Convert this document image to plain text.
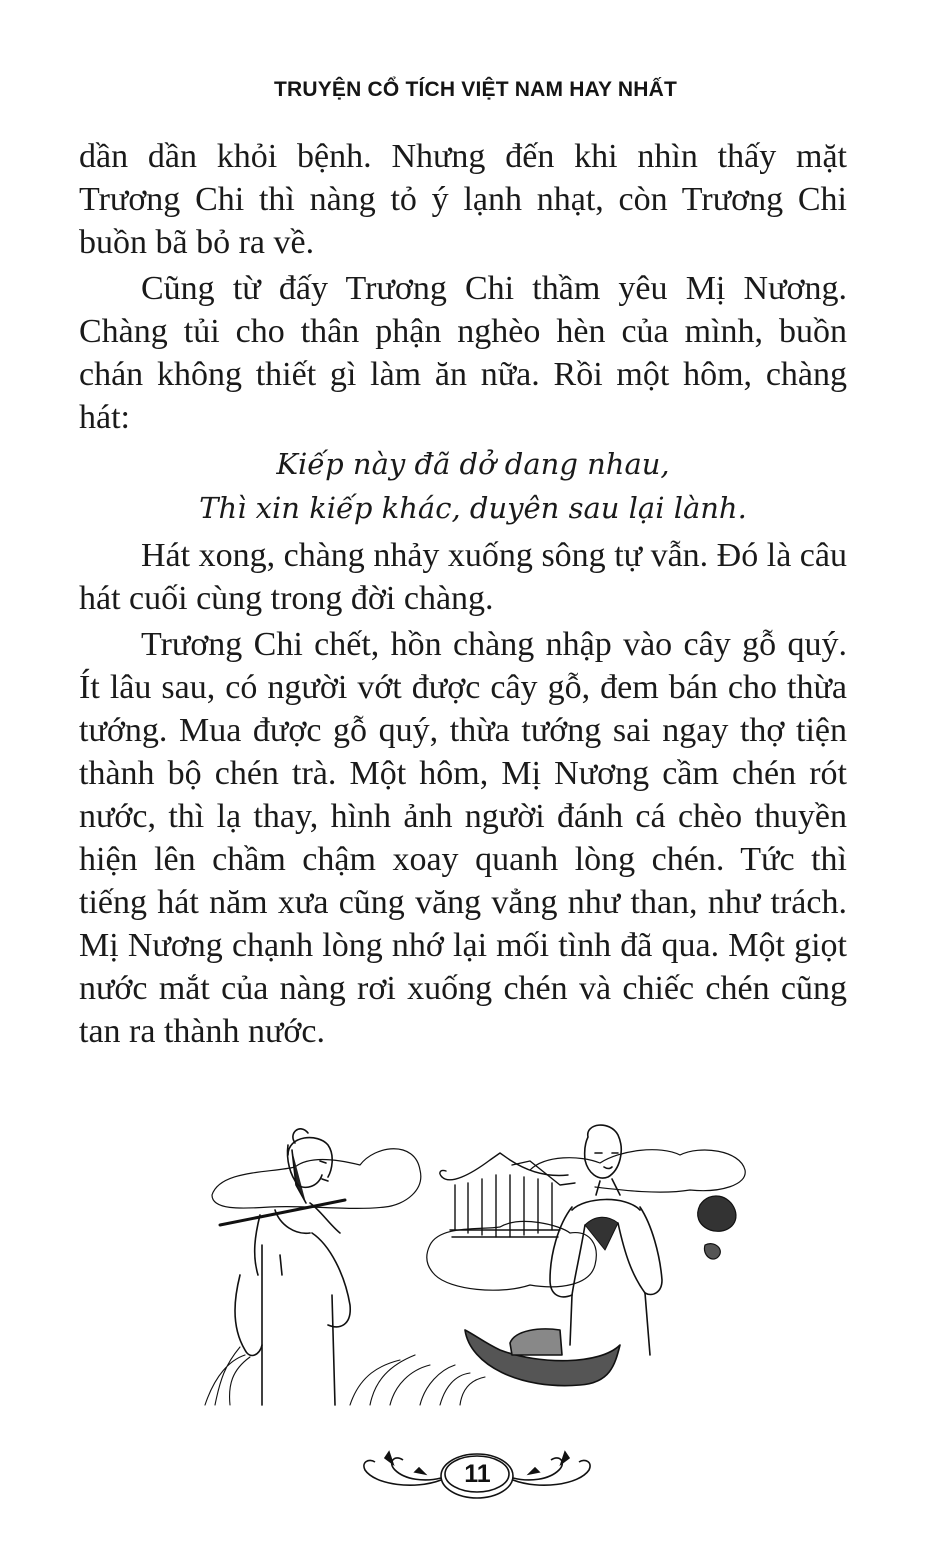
TRUYỆN CỔ TÍCH VIỆT NAM HAY NHẤT

dần dần khỏi bệnh. Nhưng đến khi nhìn thấy mặt Trương Chi thì nàng tỏ ý lạnh nhạt, còn Trương Chi buồn bã bỏ ra về.

Cũng từ đấy Trương Chi thầm yêu Mị Nương. Chàng tủi cho thân phận nghèo hèn của mình, buồn chán không thiết gì làm ăn nữa. Rồi một hôm, chàng hát:

Kiếp này đã dở dang nhau,
Thì xin kiếp khác, duyên sau lại lành.

Hát xong, chàng nhảy xuống sông tự vẫn. Đó là câu hát cuối cùng trong đời chàng.

Trương Chi chết, hồn chàng nhập vào cây gỗ quý. Ít lâu sau, có người vớt được cây gỗ, đem bán cho thừa tướng. Mua được gỗ quý, thừa tướng sai ngay thợ tiện thành bộ chén trà. Một hôm, Mị Nương cầm chén rót nước, thì lạ thay, hình ảnh người đánh cá chèo thuyền hiện lên chầm chậm xoay quanh lòng chén. Tức thì tiếng hát năm xưa cũng văng vẳng như than, như trách. Mị Nương chạnh lòng nhớ lại mối tình đã qua. Một giọt nước mắt của nàng rơi xuống chén và chiếc chén cũng tan ra thành nước.

11
